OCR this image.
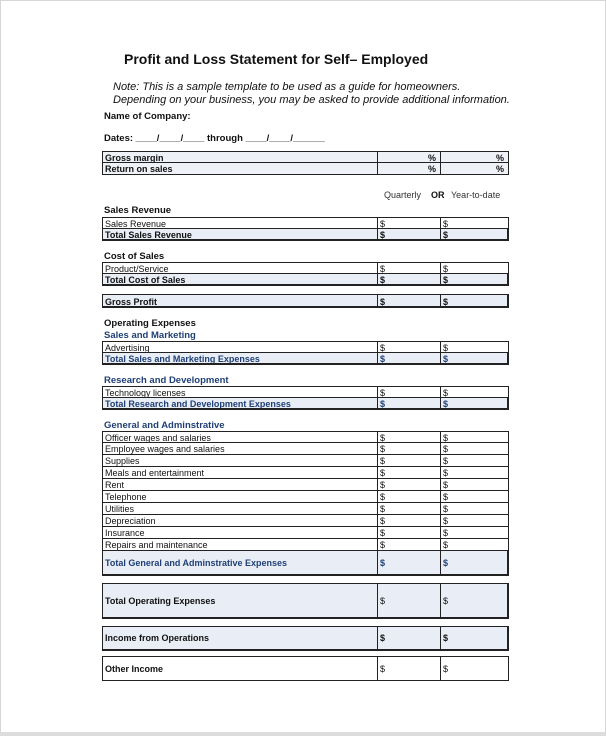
Profit and Loss Statement for Self– Employed
Note: This is a sample template to be used as a guide for homeowners.
Depending on your business, you may be asked to provide additional information.
Name of Company:
Dates: ____/____/____ through ____/____/______
Gross margin	%	%
Return on sales	%	%
Quarterly OR Year-to-date
Sales Revenue
Sales Revenue	$	$
Total Sales Revenue	$	$
Cost of Sales
Product/Service	$	$
Total Cost of Sales	$	$
Gross Profit	$	$
Operating Expenses
Sales and Marketing
Advertising	$	$
Total Sales and Marketing Expenses	$	$
Research and Development
Technology licenses	$	$
Total Research and Development Expenses	$	$
General and Adminstrative
Officer wages and salaries	$	$
Employee wages and salaries	$	$
Supplies	$	$
Meals and entertainment	$	$
Rent	$	$
Telephone	$	$
Utilities	$	$
Depreciation	$	$
Insurance	$	$
Repairs and maintenance	$	$
Total General and Adminstrative Expenses	$	$
Total Operating Expenses	$	$
Income from Operations	$	$
Other Income	$	$
